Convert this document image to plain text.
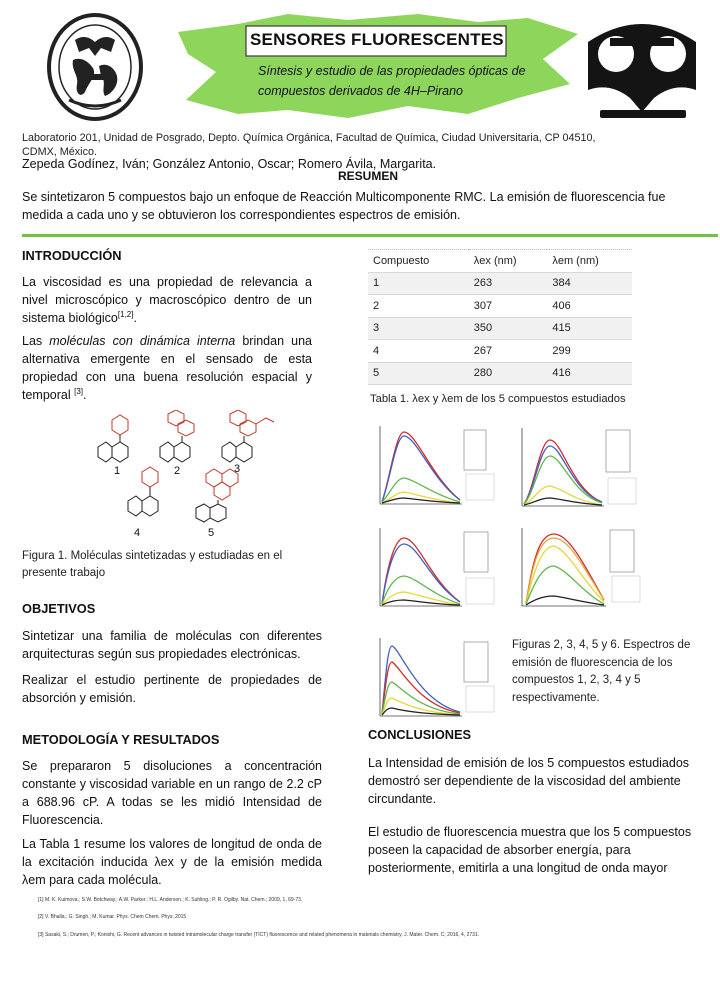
SENSORES FLUORESCENTES
Síntesis y estudio de las propiedades ópticas de
compuestos derivados de 4H–Pirano
Laboratorio 201, Unidad de Posgrado, Depto. Química Orgánica, Facultad de Química, Ciudad Universitaria, CP 04510, CDMX, México.
Zepeda Godínez, Iván; González Antonio, Oscar; Romero Ávila, Margarita.
RESUMEN
Se sintetizaron 5 compuestos bajo un enfoque de Reacción Multicomponente RMC. La emisión de fluorescencia fue medida a cada uno y se obtuvieron los correspondientes espectros de emisión.
INTRODUCCIÓN
La viscosidad es una propiedad de relevancia a nivel microscópico y macroscópico dentro de un sistema biológico[1,2].
Las moléculas con dinámica interna brindan una alternativa emergente en el sensado de esta propiedad con una buena resolución espacial y temporal [3].
1	2	3
4	5
Figura 1. Moléculas sintetizadas y estudiadas en el presente trabajo
OBJETIVOS
Sintetizar una familia de moléculas con diferentes arquitecturas según sus propiedades electrónicas.
Realizar el estudio pertinente de propiedades de absorción y emisión.
METODOLOGÍA Y RESULTADOS
Se prepararon 5 disoluciones a concentración constante y viscosidad variable en un rango de 2.2 cP a 688.96 cP. A todas se les midió Intensidad de Fluorescencia.
La Tabla 1 resume los valores de longitud de onda de la excitación inducida λex y de la emisión medida λem para cada molécula.
Compuesto	λex (nm)	λem (nm)
1	263	384
2	307	406
3	350	415
4	267	299
5	280	416
Tabla 1. λex y λem de los 5 compuestos estudiados
Figuras 2, 3, 4, 5 y 6. Espectros de emisión de fluorescencia de los compuestos 1, 2, 3, 4 y 5 respectivamente.
CONCLUSIONES
La Intensidad de emisión de los 5 compuestos estudiados demostró ser dependiente de la viscosidad del ambiente circundante.
El estudio de fluorescencia muestra que los 5 compuestos poseen la capacidad de absorber energía, para posteriormente, emitirla a una longitud de onda mayor
[1] M. K. Kuimova.; S.W. Botchway.; A.W. Parker.; H.L. Anderson.; K. Suhling.; P. R. Ogilby. Nat. Chem.; 2009, 1, 69-73.
[2] V. Bhalla.; G. Singh.; M. Kumar. Phys. Chem Chem. Phys; 2015
[3] Sasaki, S.; Drumen, P.; Konishi, G. Recent advances in twisted intramolecular charge transfer (TICT) fluorescence and related phenomena in materials chemistry. J. Mater. Chem. C; 2016, 4, 2731.
